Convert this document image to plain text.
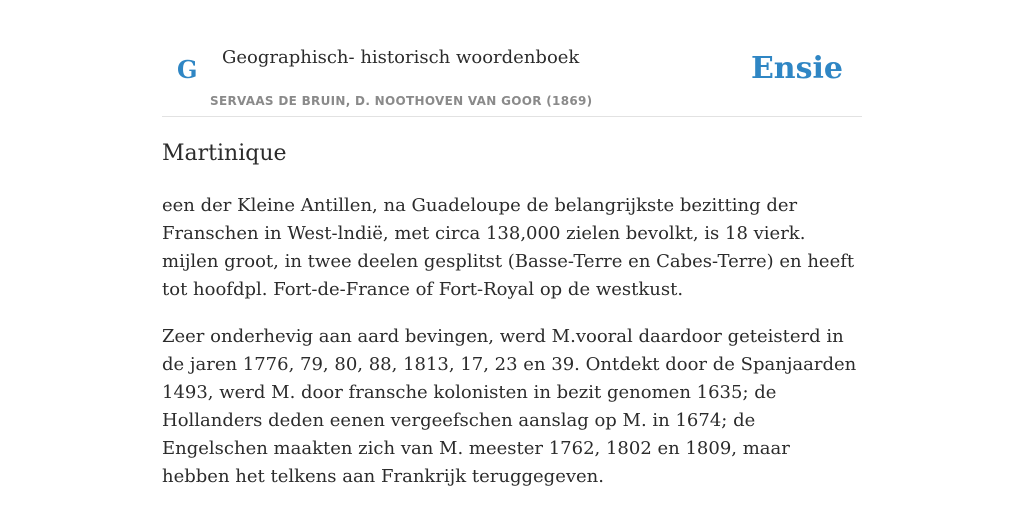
G Geographisch- historisch woordenboek
SERVAAS DE BRUIN, D. NOOTHOVEN VAN GOOR (1869)
Ensie
Martinique

een der Kleine Antillen, na Guadeloupe de belangrijkste bezitting der Franschen in West-lndië, met circa 138,000 zielen bevolkt, is 18 vierk. mijlen groot, in twee deelen gesplitst (Basse-Terre en Cabes-Terre) en heeft tot hoofdpl. Fort-de-France of Fort-Royal op de westkust.

Zeer onderhevig aan aard bevingen, werd M.vooral daardoor geteisterd in de jaren 1776, 79, 80, 88, 1813, 17, 23 en 39. Ontdekt door de Spanjaarden 1493, werd M. door fransche kolonisten in bezit genomen 1635; de Hollanders deden eenen vergeefschen aanslag op M. in 1674; de Engelschen maakten zich van M. meester 1762, 1802 en 1809, maar hebben het telkens aan Frankrijk teruggegeven.
